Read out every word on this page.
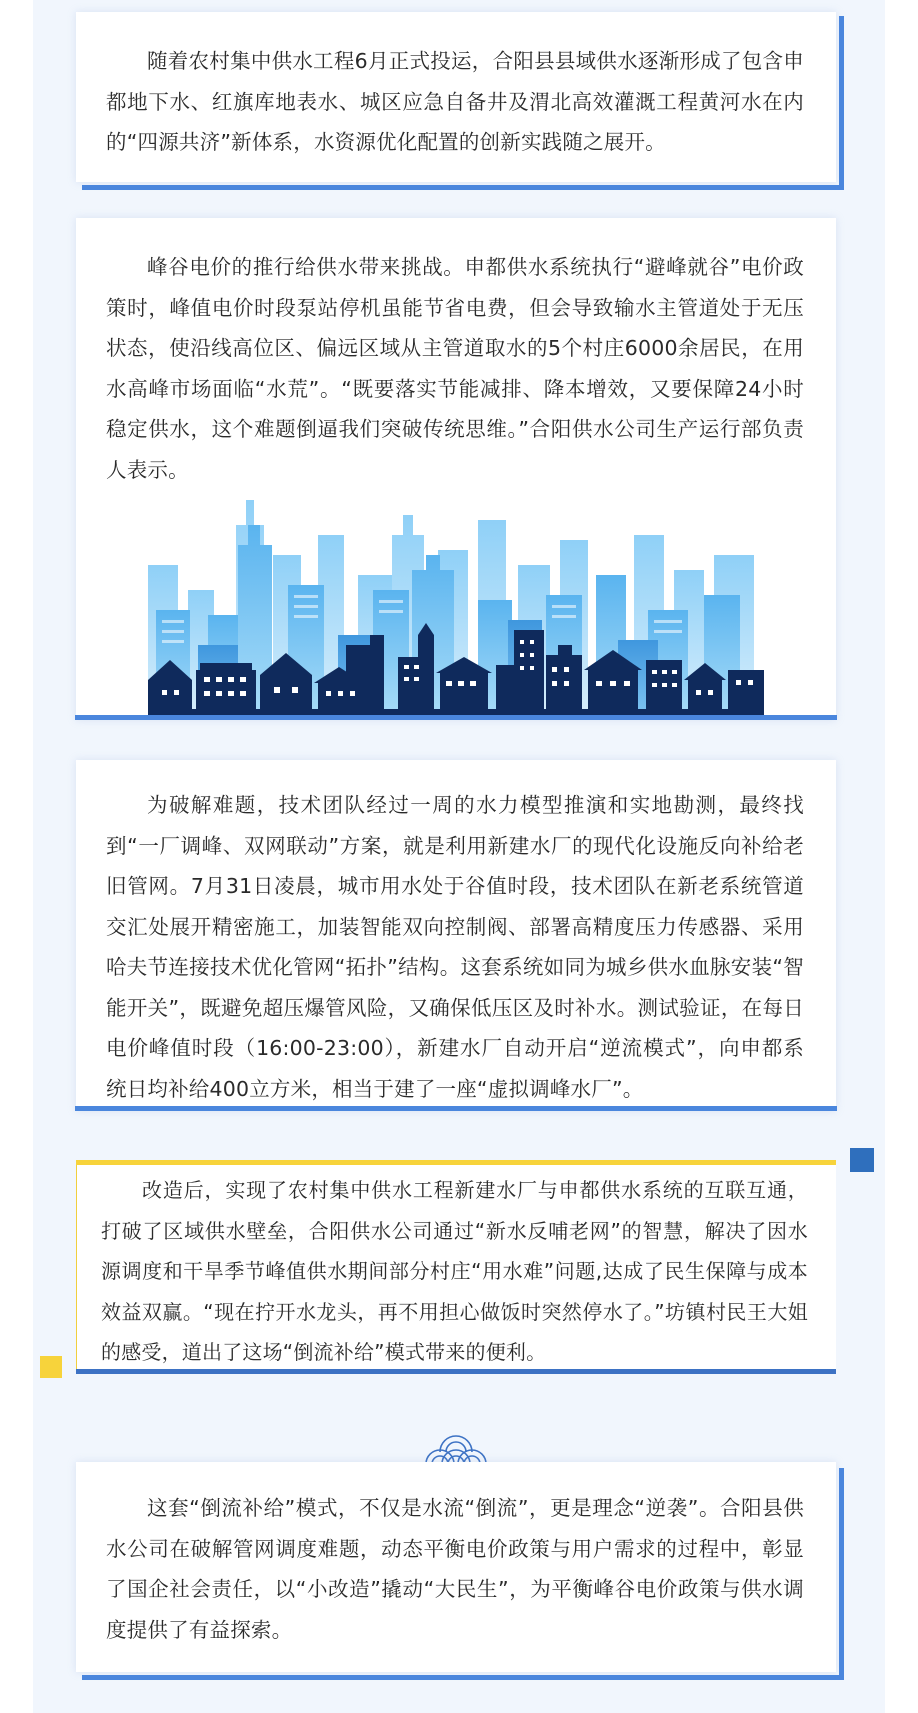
随着农村集中供水工程6月正式投运，合阳县县域供水逐渐形成了包含申都地下水、红旗库地表水、城区应急自备井及渭北高效灌溉工程黄河水在内的“四源共济”新体系，水资源优化配置的创新实践随之展开。

峰谷电价的推行给供水带来挑战。申都供水系统执行“避峰就谷”电价政策时，峰值电价时段泵站停机虽能节省电费，但会导致输水主管道处于无压状态，使沿线高位区、偏远区域从主管道取水的5个村庄6000余居民，在用水高峰市场面临“水荒”。“既要落实节能减排、降本增效，又要保障24小时稳定供水，这个难题倒逼我们突破传统思维。”合阳供水公司生产运行部负责人表示。

为破解难题，技术团队经过一周的水力模型推演和实地勘测，最终找到“一厂调峰、双网联动”方案，就是利用新建水厂的现代化设施反向补给老旧管网。7月31日凌晨，城市用水处于谷值时段，技术团队在新老系统管道交汇处展开精密施工，加装智能双向控制阀、部署高精度压力传感器、采用哈夫节连接技术优化管网“拓扑”结构。这套系统如同为城乡供水血脉安装“智能开关”，既避免超压爆管风险，又确保低压区及时补水。测试验证，在每日电价峰值时段（16:00-23:00），新建水厂自动开启“逆流模式”，向申都系统日均补给400立方米，相当于建了一座“虚拟调峰水厂”。

改造后，实现了农村集中供水工程新建水厂与申都供水系统的互联互通，打破了区域供水壁垒，合阳供水公司通过“新水反哺老网”的智慧，解决了因水源调度和干旱季节峰值供水期间部分村庄“用水难”问题,达成了民生保障与成本效益双赢。“现在拧开水龙头，再不用担心做饭时突然停水了。”坊镇村民王大姐的感受，道出了这场“倒流补给”模式带来的便利。

这套“倒流补给”模式，不仅是水流“倒流”，更是理念“逆袭”。合阳县供水公司在破解管网调度难题，动态平衡电价政策与用户需求的过程中，彰显了国企社会责任，以“小改造”撬动“大民生”，为平衡峰谷电价政策与供水调度提供了有益探索。
